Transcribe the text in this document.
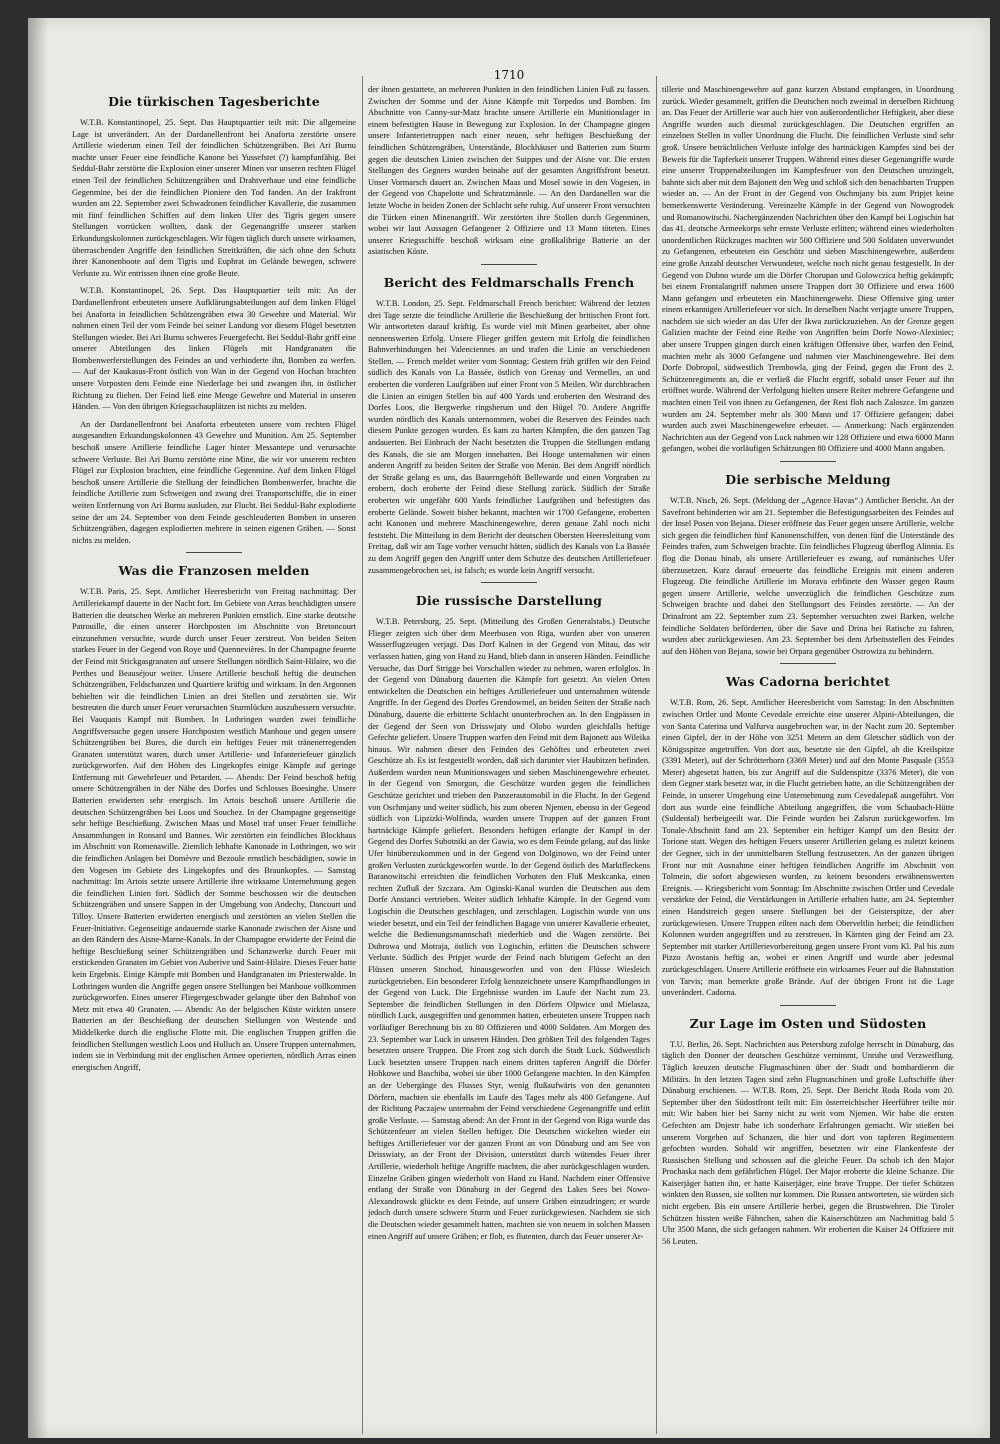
1710
Die türkischen Tagesberichte

W.T.B. Konstantinopel, 25. Sept. Das Hauptquartier teilt mit: Die allgemeine Lage ist unverändert. An der Dardanellenfront bei Anaforta zerstörte unsere Artillerie wiederum einen Teil der feindlichen Schützengräben. Bei Ari Burnu machte unser Feuer eine feindliche Kanone bei Yussefstet (?) kampfunfähig. Bei Seddul-Bahr zerstörte die Explosion einer unserer Minen vor unseren rechten Flügel einen Teil der feindlichen Schützengräben und Drahtverhaue und eine feindliche Gegenmine, bei der die feindlichen Pioniere den Tod fanden. An der Irakfront wurden am 22. September zwei Schwadronen feindlicher Kavallerie, die zusammen mit fünf feindlichen Schiffen auf dem linken Ufer des Tigris gegen unsere Stellungen vorrücken wollten, dank der Gegenangriffe unserer starken Erkundungskolonnen zurückgeschlagen. Wir fügen täglich durch unsere wirksamen, überraschenden Angriffe den feindlichen Streitkräften, die sich ohne den Schutz ihrer Kanonenboote auf dem Tigris und Euphrat im Gelände bewegen, schwere Verluste zu. Wir entrissen ihnen eine große Beute.

W.T.B. Konstantinopel, 26. Sept. Das Hauptquartier teilt mit: An der Dardanellenfront erbeuteten unsere Aufklärungsabteilungen auf dem linken Flügel bei Anaforta in feindlichen Schützengräben etwa 30 Gewehre und Material. Wir nahmen einen Teil der vom Feinde bei seiner Landung vor diesem Flügel besetzten Stellungen wieder. Bei Ari Burnu schweres Feuergefecht. Bei Seddul-Bahr griff eine unserer Abteilungen des linken Flügels mit Handgranaten die Bombenwerferstellungen des Feindes an und verhinderte ihn, Bomben zu werfen. — Auf der Kaukasus-Front östlich von Wan in der Gegend von Hochan brachten unsere Vorposten dem Feinde eine Niederlage bei und zwangen ihn, in östlicher Richtung zu fliehen. Der Feind ließ eine Menge Gewehre und Material in unseren Händen. — Von den übrigen Kriegsschauplätzen ist nichts zu melden.

An der Dardanellenfront bei Anaforta erbeuteten unsere vom rechten Flügel ausgesandten Erkundungskolonnen 43 Gewehre und Munition. Am 25. September beschoß unsere Artillerie feindliche Lager hinter Messantepe und verursachte schwere Verluste. Bei Ari Burnu zerstörte eine Mine, die wir vor unserem rechten Flügel zur Explosion brachten, eine feindliche Gegenmine. Auf dem linken Flügel beschoß unsere Artillerie die Stellung der feindlichen Bombenwerfer, brachte die feindliche Artillerie zum Schweigen und zwang drei Transportschiffe, die in einer weiten Entfernung von Ari Burnu ausluden, zur Flucht. Bei Seddul-Bahr explodierte seine der am 24. September von dem Feinde geschleuderten Bomben in unseren Schützengräben, dagegen explodierten mehrere in seinen eigenen Gräben. — Sonst nichts zu melden.

Was die Franzosen melden

W.T.B. Paris, 25. Sept. Amtlicher Heeresbericht von Freitag nachmittag: Der Artilleriekampf dauerte in der Nacht fort. Im Gebiete von Arras beschädigten unsere Batterien die deutschen Werke an mehreren Punkten ernstlich. Eine starke deutsche Patrouille, die einen unserer Horchposten im Abschnitte von Bretoncourt einzunehmen versuchte, wurde durch unser Feuer zerstreut. Von beiden Seiten starkes Feuer in der Gegend von Roye und Quennevières. In der Champagne feuerte der Feind mit Stickgasgranaten auf unsere Stellungen nördlich Saint-Hilaire, wo die Perthes und Beauséjour weiter. Unsere Artillerie beschoß heftig die deutschen Schützengräben, Feldschanzen und Quartiere kräftig und wirksam. In den Argonnen behielten wir die feindlichen Linien an drei Stellen und zerstörten sie. Wir bestreuten die durch unser Feuer verursachten Sturmlücken auszubessern versuchte. Bei Vauquois Kampf mit Bomben. In Lothringen wurden zwei feindliche Angriffsversuche gegen unsere Horchposten westlich Manhoue und gegen unsere Schützengräben bei Bures, die durch ein heftiges Feuer mit tränenerregenden Granaten unterstützt waren, durch unser Artillerie- und Infanteriefeuer gänzlich zurückgeworfen. Auf den Höhen des Lingekopfes einige Kämpfe auf geringe Entfernung mit Gewehrfeuer und Petarden. — Abends: Der Feind beschoß heftig unsere Schützengräben in der Nähe des Dorfes und Schlosses Boesinghe. Unsere Batterien erwiderten sehr energisch. Im Artois beschoß unsere Artillerie die deutschen Schützengräben bei Loos und Souchez. In der Champagne gegenseitige sehr heftige Beschießung. Zwischen Maas und Mosel traf unser Feuer feindliche Ansammlungen in Ronsard und Bannes. Wir zerstörten ein feindliches Blockhaus im Abschnitt von Romenawille. Ziemlich lebhafte Kanonade in Lothringen, wo wir die feindlichen Anlagen bei Domèvre und Bezoule ernstlich beschädigten, sowie in den Vogesen im Gebiete des Lingekopfes und des Braunkopfes. — Samstag nachmittag: Im Artois setzte unsere Artillerie ihre wirksame Unternehmung gegen die feindlichen Linien fort. Südlich der Somme beschossen wir die deutschen Schützengräben und unsere Sappen in der Umgebung von Andechy, Dancourt und Tilloy. Unsere Batterien erwiderten energisch und zerstörten an vielen Stellen die Feuer-Initiative. Gegenseitige andauernde starke Kanonade zwischen der Aisne und an den Rändern des Aisne-Marne-Kanals. In der Champagne erwiderte der Feind die heftige Beschießung seiner Schützengräben und Schanzwerke durch Feuer mit erstickenden Granaten im Gebiet von Auberive und Saint-Hilaire. Dieses Feuer hatte kein Ergebnis. Einige Kämpfe mit Bomben und Handgranaten im Priesterwalde. In Lothringen wurden die Angriffe gegen unsere Stellungen bei Manhoue vollkommen zurückgeworfen. Eines unserer Fliegergeschwader gelangte über den Bahnhof von Metz mit etwa 40 Granaten. — Abends: An der belgischen Küste wirkten unsere Batterien an der Beschießung der deutschen Stellungen von Westende und Middelkerke durch die englische Flotte mit. Die englischen Truppen griffen die feindlichen Stellungen westlich Loos und Hulluch an. Unsere Truppen unternahmen, indem sie in Verbindung mit der englischen Armee operierten, nördlich Arras einen energischen Angriff,

der ihnen gestattete, an mehreren Punkten in den feindlichen Linien Fuß zu fassen. Zwischen der Somme und der Aisne Kämpfe mit Torpedos und Bomben. Im Abschnitte von Canny-sur-Matz brachte unsere Artillerie ein Munitionslager in einem befestigten Hause in Bewegung zur Explosion. In der Champagne gingen unsere Infanterietruppen nach einer neuen, sehr heftigen Beschießung der feindlichen Schützengräben, Unterstände, Blockhäuser und Batterien zum Sturm gegen die deutschen Linien zwischen der Suippes und der Aisne vor. Die ersten Stellungen des Gegners wurden beinahe auf der gesamten Angriffsfront besetzt. Unser Vormarsch dauert an. Zwischen Maas und Mosel sowie in den Vogesen, in der Gegend von Chapelotte und Schratzmännle. — An den Dardanellen war die letzte Woche in beiden Zonen der Schlacht sehr ruhig. Auf unserer Front versuchten die Türken einen Minenangriff. Wir zerstörten ihre Stollen durch Gegenminen, wobei wir laut Aussagen Gefangener 2 Offiziere und 13 Mann töteten. Eines unserer Kriegsschiffe beschoß wirksam eine großkalibrige Batterie an der asiatischen Küste.

Bericht des Feldmarschalls French

W.T.B. London, 25. Sept. Feldmarschall French berichtet: Während der letzten drei Tage setzte die feindliche Artillerie die Beschießung der britischen Front fort. Wir antworteten darauf kräftig. Es wurde viel mit Minen gearbeitet, aber ohne nennenswerten Erfolg. Unsere Flieger griffen gestern mit Erfolg die feindlichen Bahnverbindungen bei Valenciennes an und trafen die Linie an verschiedenen Stellen. — French meldet weiter vom Sonntag: Gestern früh griffen wir den Feind südlich des Kanals von La Bassée, östlich von Grenay und Vermelles, an und eroberten die vorderen Laufgräben auf einer Front von 5 Meilen. Wir durchbrachen die Linien an einigen Stellen bis auf 400 Yards und eroberten den Westrand des Dorfes Loos, die Bergwerke ringsherum und den Hügel 70. Andere Angriffe wurden nördlich des Kanals unternommen, wobei die Reserven des Feindes nach diesem Punkte gezogen wurden. Es kam zu harten Kämpfen, die den ganzen Tag andauerten. Bei Einbruch der Nacht besetzten die Truppen die Stellungen entlang des Kanals, die sie am Morgen innehatten. Bei Hooge unternahmen wir einen anderen Angriff zu beiden Seiten der Straße von Menin. Bei dem Angriff nördlich der Straße gelang es uns, das Bauerngehöft Bellewarde und einen Vorgraben zu erobern, doch eroberte der Feind diese Stellung zurück. Südlich der Straße eroberten wir ungefähr 600 Yards feindlicher Laufgräben und befestigten das eroberte Gelände. Soweit bisher bekannt, machten wir 1700 Gefangene, eroberten acht Kanonen und mehrere Maschinengewehre, deren genaue Zahl noch nicht feststeht. Die Mitteilung in dem Bericht der deutschen Obersten Heeresleitung vom Freitag, daß wir am Tage vorher versucht hätten, südlich des Kanals von La Bassée zu dem Angriff gegen den Angriff unter dem Schutze des deutschen Artilleriefeuer zusammengebrochen sei, ist falsch; es wurde kein Angriff versucht.

Die russische Darstellung

W.T.B. Petersburg, 25. Sept. (Mitteilung des Großen Generalstabs.) Deutsche Flieger zeigten sich über dem Meerbusen von Riga, wurden aber von unseren Wasserflugzeugen verjagt. Das Dorf Kalnen in der Gegend von Mitau, das wir verlassen hatten, ging von Hand zu Hand, blieb dann in unseren Händen. Feindliche Versuche, das Dorf Strigge bei Vorschallen wieder zu nehmen, waren erfolglos. In der Gegend von Dünaburg dauerten die Kämpfe fort gesetzt. An vielen Orten entwickelten die Deutschen ein heftiges Artilleriefeuer und unternahmen wütende Angriffe. In der Gegend des Dorfes Grendowmel, an beiden Seiten der Straße nach Dünaburg, dauerte die erbitterte Schlacht ununterbrochen an. In den Engpässen in der Gegend der Seen von Drisswjaty und Olobo wurden gleichfalls heftige Gefechte geliefert. Unsere Truppen warfen den Feind mit dem Bajonett aus Wileika hinaus. Wir nahmen dieser den Feinden des Gehöftes und erbeuteten zwei Geschütze ab. Es ist festgestellt worden, daß sich darunter vier Haubitzen befinden. Außerdem wurden neun Munitionswagen und sieben Maschinengewehre erbeutet. In der Gegend von Smorgon, die Geschütze wurden gegen die feindlichen Geschütze gerichtet und trieben den Panzerautomobil in die Flucht. In der Gegend von Oschmjany und weiter südlich, bis zum oberen Njemen, ebenso in der Gegend südlich von Lipzizki-Wolfinda, wurden unsere Truppen auf der ganzen Front hartnäckige Kämpfe geliefert. Besonders heftigen erlangte der Kampf in der Gegend des Dorfes Subotniki an der Gawia, wo es dem Feinde gelang, auf das linke Ufer hinüberzukommen und in der Gegend von Dolginowo, wo der Feind unter großen Verlusten zurückgeworfen wurde. In der Gegend östlich des Marktfleckens Baranowitschi erreichten die feindlichen Vorhuten den Fluß Meskcanka, einen rechten Zufluß der Szczara. Am Oginski-Kanal wurden die Deutschen aus dem Dorfe Anstanci vertrieben. Weiter südlich lebhafte Kämpfe. In der Gegend vom Logischin die Deutschen geschlagen, und zerschlagen. Logischin wurde von uns wieder besetzt, und ein Teil der feindlichen Bagage von unserer Kavallerie erbeutet, welche die Bedienungsmannschaft niederhieb und die Wagen zerstörte. Bei Dubrowa und Motraja, östlich von Logischin, erlitten die Deutschen schwere Verluste. Südlich des Pripjet wurde der Feind nach blutigem Gefecht an den Flüssen unseren Stochod, hinausgeworfen und von den Flüsse Wiesleich zurückgetrieben. Ein besonderer Erfolg kennzeichnete unsere Kampfhandlungen in der Gegend von Luck. Die Ergebnisse wurden im Laufe der Nacht zum 23. September die feindlichen Stellungen in den Dörfern Olpwice und Mielasza, nördlich Luck, ausgegriffen und genommen hatten, erbeuteten unsere Truppen nach vorläufiger Berechnung bis zu 80 Offizieren und 4000 Soldaten. Am Morgen des 23. September war Luck in unseren Händen. Den größten Teil des folgenden Tages besetzten unsere Truppen. Die Front zog sich durch die Stadt Luck. Südwestlich Luck besetzten unsere Truppen nach einem dritten tapferen Angriff die Dörfer Hohkowe und Baschiba, wobei sie über 1000 Gefangene machten. In den Kämpfen an der Uebergänge des Flusses Styr, wenig flußaufwärts von den genannten Dörfern, machten sie ebenfalls im Laufe des Tages mehr als 400 Gefangene. Auf der Richtung Paczajew unternahm der Feind verschiedene Gegenangriffe und erlitt große Verluste. — Samstag abend: An der Front in der Gegend von Riga wurde das Schützenfeuer an vielen Stellen heftiger. Die Deutschen wickelten wieder ein heftiges Artilleriefeuer vor der ganzen Front an von Dünaburg und am See von Drisswiaty, an der Front der Division, unterstützt durch wütendes Feuer ihrer Artillerie, wiederholt heftige Angriffe machten, die aber zurückgeschlagen wurden. Einzelne Gräben gingen wiederholt von Hand zu Hand. Nachdem einer Offensive entlang der Straße von Dünaburg in der Gegend des Lakes Sees bei Nowo-Alexandrowsk glückte es dem Feinde, auf unsere Gräben einzudringen; er wurde jedoch durch unsere schwere Sturm und Feuer zurückgewiesen. Nachdem sie sich die Deutschen wieder gesammelt hatten, machten sie von neuem in solchen Massen einen Angriff auf unsere Gräben; er floh, es flutenten, durch das Feuer unserer Ar-

tillerie und Maschinengewehre auf ganz kurzen Abstand empfangen, in Unordnung zurück. Wieder gesammelt, griffen die Deutschen noch zweimal in derselben Richtung an. Das Feuer der Artillerie war auch hier von außerordentlicher Heftigkeit, aber diese Angriffe wurden auch diesmal zurückgeschlagen. Die Deutschen ergriffen an einzelnen Stellen in voller Unordnung die Flucht. Die feindlichen Verluste sind sehr groß. Unsere beträchtlichen Verluste infolge des hartnäckigen Kampfes sind bei der Beweis für die Tapferkeit unserer Truppen. Während eines dieser Gegenangriffe wurde eine unserer Truppenabteilungen im Kampfesfeuer von den Deutschen umzingelt, bahnte sich aber mit dem Bajonett den Weg und schloß sich den benachbarten Truppen wieder an. — An der Front in der Gegend von Oschmjany bis zum Pripjet keine bemerkenswerte Veränderung. Vereinzelte Kämpfe in der Gegend von Nowogrodek und Romanowitschi. Nachergänzenden Nachrichten über den Kampf bei Logischin hat das 41. deutsche Armeekorps sehr ernste Verluste erlitten; während eines wiederholten unordentlichen Rückzuges machten wir 500 Offiziere und 500 Soldaten unverwundet zu Gefangenen, erbeuteten ein Geschütz und sieben Maschinengewehre, außerdem eine große Anzahl deutscher Verwundeter, welche noch nicht genau festgestellt. In der Gegend von Dubno wurde um die Dörfer Chorupan und Golowczica heftig gekämpft; bei einem Frontalangriff nahmen unsere Truppen dort 30 Offiziere und etwa 1600 Mann gefangen und erbeuteten ein Maschinengewehr. Diese Offensive ging unter einem erkannigen Artilleriefeuer vor sich. In derselben Nacht verjagte unsere Truppen, nachdem sie sich wieder an das Ufer der Ikwa zurückzuziehen. An der Grenze gegen Galizien machte der Feind eine Reihe von Angriffen beim Dorfe Nowo-Alexiniec; aber unsere Truppen gingen durch einen kräftigen Offensive über, warfen den Feind, machten mehr als 3000 Gefangene und nahmen vier Maschinengewehre. Bei dem Dorfe Dobropol, südwestlich Trembowla, ging der Feind, gegen die Front des 2. Schützenregiments an, die er verließ die Flucht ergriff, sobald unser Feuer auf ihn eröffnet wurde. Während der Verfolgung hielten unsere Reiter mehrere Gefangene und machten einen Teil von ihnen zu Gefangenen, der Rest floh nach Zaloszce. Im ganzen wurden am 24. September mehr als 300 Mann und 17 Offiziere gefangen; dabei wurden auch zwei Maschinengewehre erbeutet. — Anmerkung: Nach ergänzenden Nachrichten aus der Gegend von Luck nahmen wir 128 Offiziere und etwa 6000 Mann gefangen, wobei die vorläufigen Schätzungen 80 Offiziere und 4000 Mann angaben.

Die serbische Meldung

W.T.B. Nisch, 26. Sept. (Meldung der „Agence Havas“.) Amtlicher Bericht. An der Savefront behinderten wir am 21. September die Befestigungsarbeiten des Feindes auf der Insel Posen von Bejana. Dieser eröffnete das Feuer gegen unsere Artillerie, welche sich gegen die feindlichen fünf Kanonenschiffen, von denen fünf die Unterstände des Feindes trafen, zum Schweigen brachte. Ein feindliches Flugzeug überflog Alinnia. Es flog die Donau hinab, als unsere Artilleriefeuer es zwang, auf rumänisches Ufer überzusetzen. Kurz darauf erneuerte das feindliche Ereignis mit einem anderen Flugzeug. Die feindliche Artillerie im Morava erbfinete den Wasser gegen Raum gegen unsere Artillerie, welche unverzüglich die feindlichen Geschütze zum Schweigen brachte und dabei den Stellungsort des Feindes zerstörte. — An der Drinafront am 22. September zum 23. September versuchten zwei Barken, welche feindliche Soldaten beförderten, über die Save und Drina bei Ratische zu fahren, wurden aber zurückgewiesen. Am 23. September bei dem Arbeitsstellen des Feindes auf den Höhen von Bejana, sowie bei Orpara gegenüber Ostrowiza zu behindern.

Was Cadorna berichtet

W.T.B. Rom, 26. Sept. Amtlicher Heeresbericht vom Samstag: In den Abschnitten zwischen Ortler und Monte Cevedale erreichte eine unserer Alpini-Abteilungen, die von Santa Caterina und Valfurva ausgebrochen war, in der Nacht zum 20. September einen Gipfel, der in der Höhe von 3251 Metern an dem Gletscher südlich von der Königsspitze angetroffen. Von dort aus, besetzte sie den Gipfel, ab die Kreilspitze (3391 Meter), auf der Schrötterhorn (3369 Meter) und auf den Monte Pasquale (3553 Meter) abgesetzt hatten, bis zur Angriff auf die Suldenspitze (3376 Meter), die von dem Gegner stark besetzt war, in die Flucht getrieben hatte, an die Schützengräben der Feinde, in unserer Umgebung eine Unternehmung zum Cevedalepaß ausgeführt. Von dort aus wurde eine feindliche Abteilung angegriffen, die vom Schaubach-Hütte (Suldental) herbeigeeilt war. Die Feinde wurden bei Zalsrun zurückgeworfen. Im Tonale-Abschnitt fand am 23. September ein heftiger Kampf um den Besitz der Torione statt. Wegen des heftigen Feuers unserer Artillerien gelang es zuletzt keinem der Gegner, sich in der unmittelbaren Stellung festzusetzen. An der ganzen übrigen Front nur mit Ausnahme einer heftigen feindlichen Angriffe im Abschnitt von Tolmein, die sofort abgewiesen wurden, zu keinem besonders erwähnenswerten Ereignis. — Kriegsbericht vom Sonntag: Im Abschnitte zwischen Ortler und Cevedale verstärkte der Feind, die Verstärkungen in Artillerie erhalten hatte, am 24. September einen Handstreich gegen unsere Stellungen bei der Geisterspitze, der aber zurückgewiesen. Unsere Truppen eilten nach dem Oberveltlin herbei; die feindlichen Kolonnen wurden angegriffen und zu zerstreuen. In Kärnten ging der Feind am 23. September mit starker Artillerievorbereitung gegen unsere Front vom Kl. Pal bis zum Pizzo Avostanis heftig an, wobei er einen Angriff und wurde aber jedesmal zurückgeschlagen. Unsere Artillerie eröffnete ein wirksames Feuer auf die Bahnstation von Tarvis; man bemerkte große Brände. Auf der übrigen Front ist die Lage unverändert. Cadorna.

Zur Lage im Osten und Südosten

T.U. Berlin, 26. Sept. Nachrichten aus Petersburg zufolge herrscht in Dünaburg, das täglich den Donner der deutschen Geschütze vernimmt, Unruhe und Verzweiflung. Täglich kreuzen deutsche Flugmaschinen über der Stadt und bombardieren die Militärs. In den letzten Tagen sind zehn Flugmaschinen und große Luftschiffe über Dünaburg erschienen. — W.T.B. Rom, 25. Sept. Der Bericht Roda Roda vom 20. September über den Südostfront teilt mit: Ein österreichischer Heerführer teilte mir mit: Wir haben hier bei Sarny nicht zu weit vom Njemen. Wir habe die ersten Gefechten am Dnjestr habe ich sonderbare Erfahrungen gemacht. Wir stießen bei unserem Vorgehen auf Schanzen, die hier und dort von tapferen Regimentern gefochten wurden. Sobald wir angriffen, besetzten wir eine Flankenfeste der Russischen Stellung und schossen auf die gleiche Feuer. Da schob ich den Major Prochaska nach dem gefährlichen Flügel. Der Major eroberte die kleine Schanze. Die Kaiserjäger hatten ihn, er hatte Kaiserjäger, eine brave Truppe. Der tiefer Schützen winkten den Russen, sie sollten nur kommen. Die Russen antworteten, sie würden sich nicht ergeben. Bis ein unsere Artillerie herbei, gegen die Brustwehren. Die Tiroler Schützen hissten weiße Fähnchen, sahen die Kaiserschützen am Nachmittag bald 5 Uhr 3500 Mann, die sich gefangen nahmen. Wir eroberten die Kaiser 24 Offiziere mit 56 Leuten.
